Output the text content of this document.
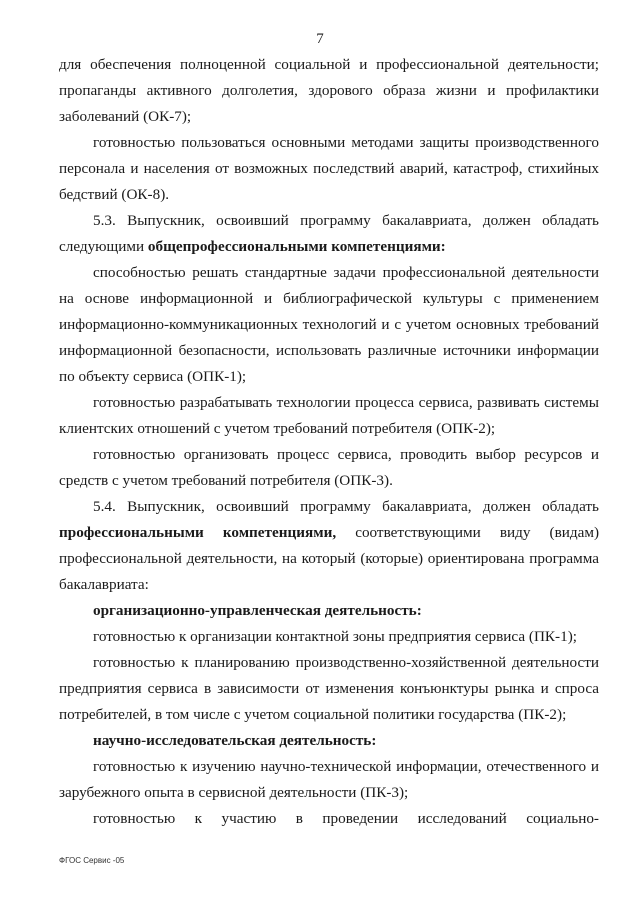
7

для обеспечения полноценной социальной и профессиональной деятельности; пропаганды активного долголетия, здорового образа жизни и профилактики заболеваний (ОК-7);

готовностью пользоваться основными методами защиты производственного персонала и населения от возможных последствий аварий, катастроф, стихийных бедствий (ОК-8).

5.3. Выпускник, освоивший программу бакалавриата, должен обладать следующими общепрофессиональными компетенциями:

способностью решать стандартные задачи профессиональной деятельности на основе информационной и библиографической культуры с применением информационно-коммуникационных технологий и с учетом основных требований информационной безопасности, использовать различные источники информации по объекту сервиса (ОПК-1);

готовностью разрабатывать технологии процесса сервиса, развивать системы клиентских отношений с учетом требований потребителя (ОПК-2);

готовностью организовать процесс сервиса, проводить выбор ресурсов и средств с учетом требований потребителя (ОПК-3).

5.4. Выпускник, освоивший программу бакалавриата, должен обладать профессиональными компетенциями, соответствующими виду (видам) профессиональной деятельности, на который (которые) ориентирована программа бакалавриата:

организационно-управленческая деятельность:

готовностью к организации контактной зоны предприятия сервиса (ПК-1);

готовностью к планированию производственно-хозяйственной деятельности предприятия сервиса в зависимости от изменения конъюнктуры рынка и спроса потребителей, в том числе с учетом социальной политики государства (ПК-2);

научно-исследовательская деятельность:

готовностью к изучению научно-технической информации, отечественного и зарубежного опыта в сервисной деятельности (ПК-3);

готовностью к участию в проведении исследований социально-

ФГОС Сервис -05
